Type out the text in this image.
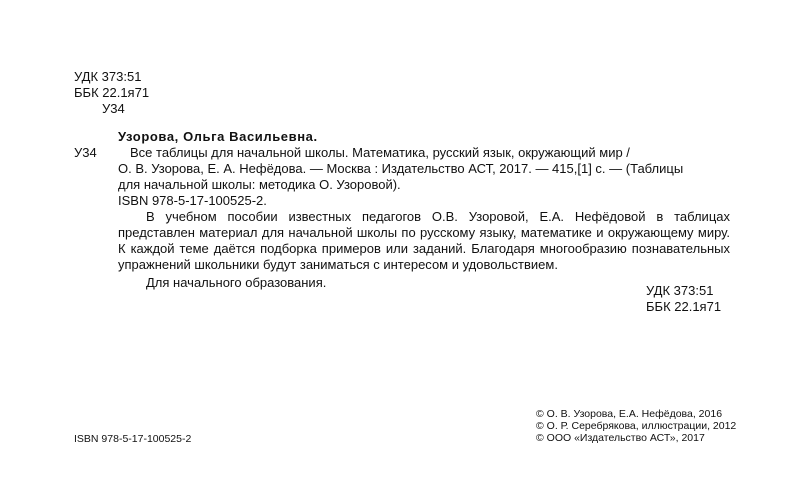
УДК 373:51
ББК 22.1я71
У34
Узорова, Ольга Васильевна.
У34	Все таблицы для начальной школы. Математика, русский язык, окружающий мир /

О. В. Узорова, Е. А. Нефёдова. — Москва : Издательство АСТ, 2017. — 415,[1] с. — (Таблицы

для начальной школы: методика О. Узоровой).

ISBN 978-5-17-100525-2.

В учебном пособии известных педагогов О.В. Узоровой, Е.А. Нефёдовой в таблицах представлен материал для начальной школы по русскому языку, математике и окружающему миру. К каждой теме даётся подборка примеров или заданий. Благодаря многообразию познавательных упражнений школьники будут заниматься с интересом и удовольствием.

Для начального образования.
УДК 373:51
ББК 22.1я71
© О. В. Узорова, Е.А. Нефёдова, 2016
© О. Р. Серебрякова, иллюстрации, 2012
© ООО «Издательство АСТ», 2017
ISBN 978-5-17-100525-2
